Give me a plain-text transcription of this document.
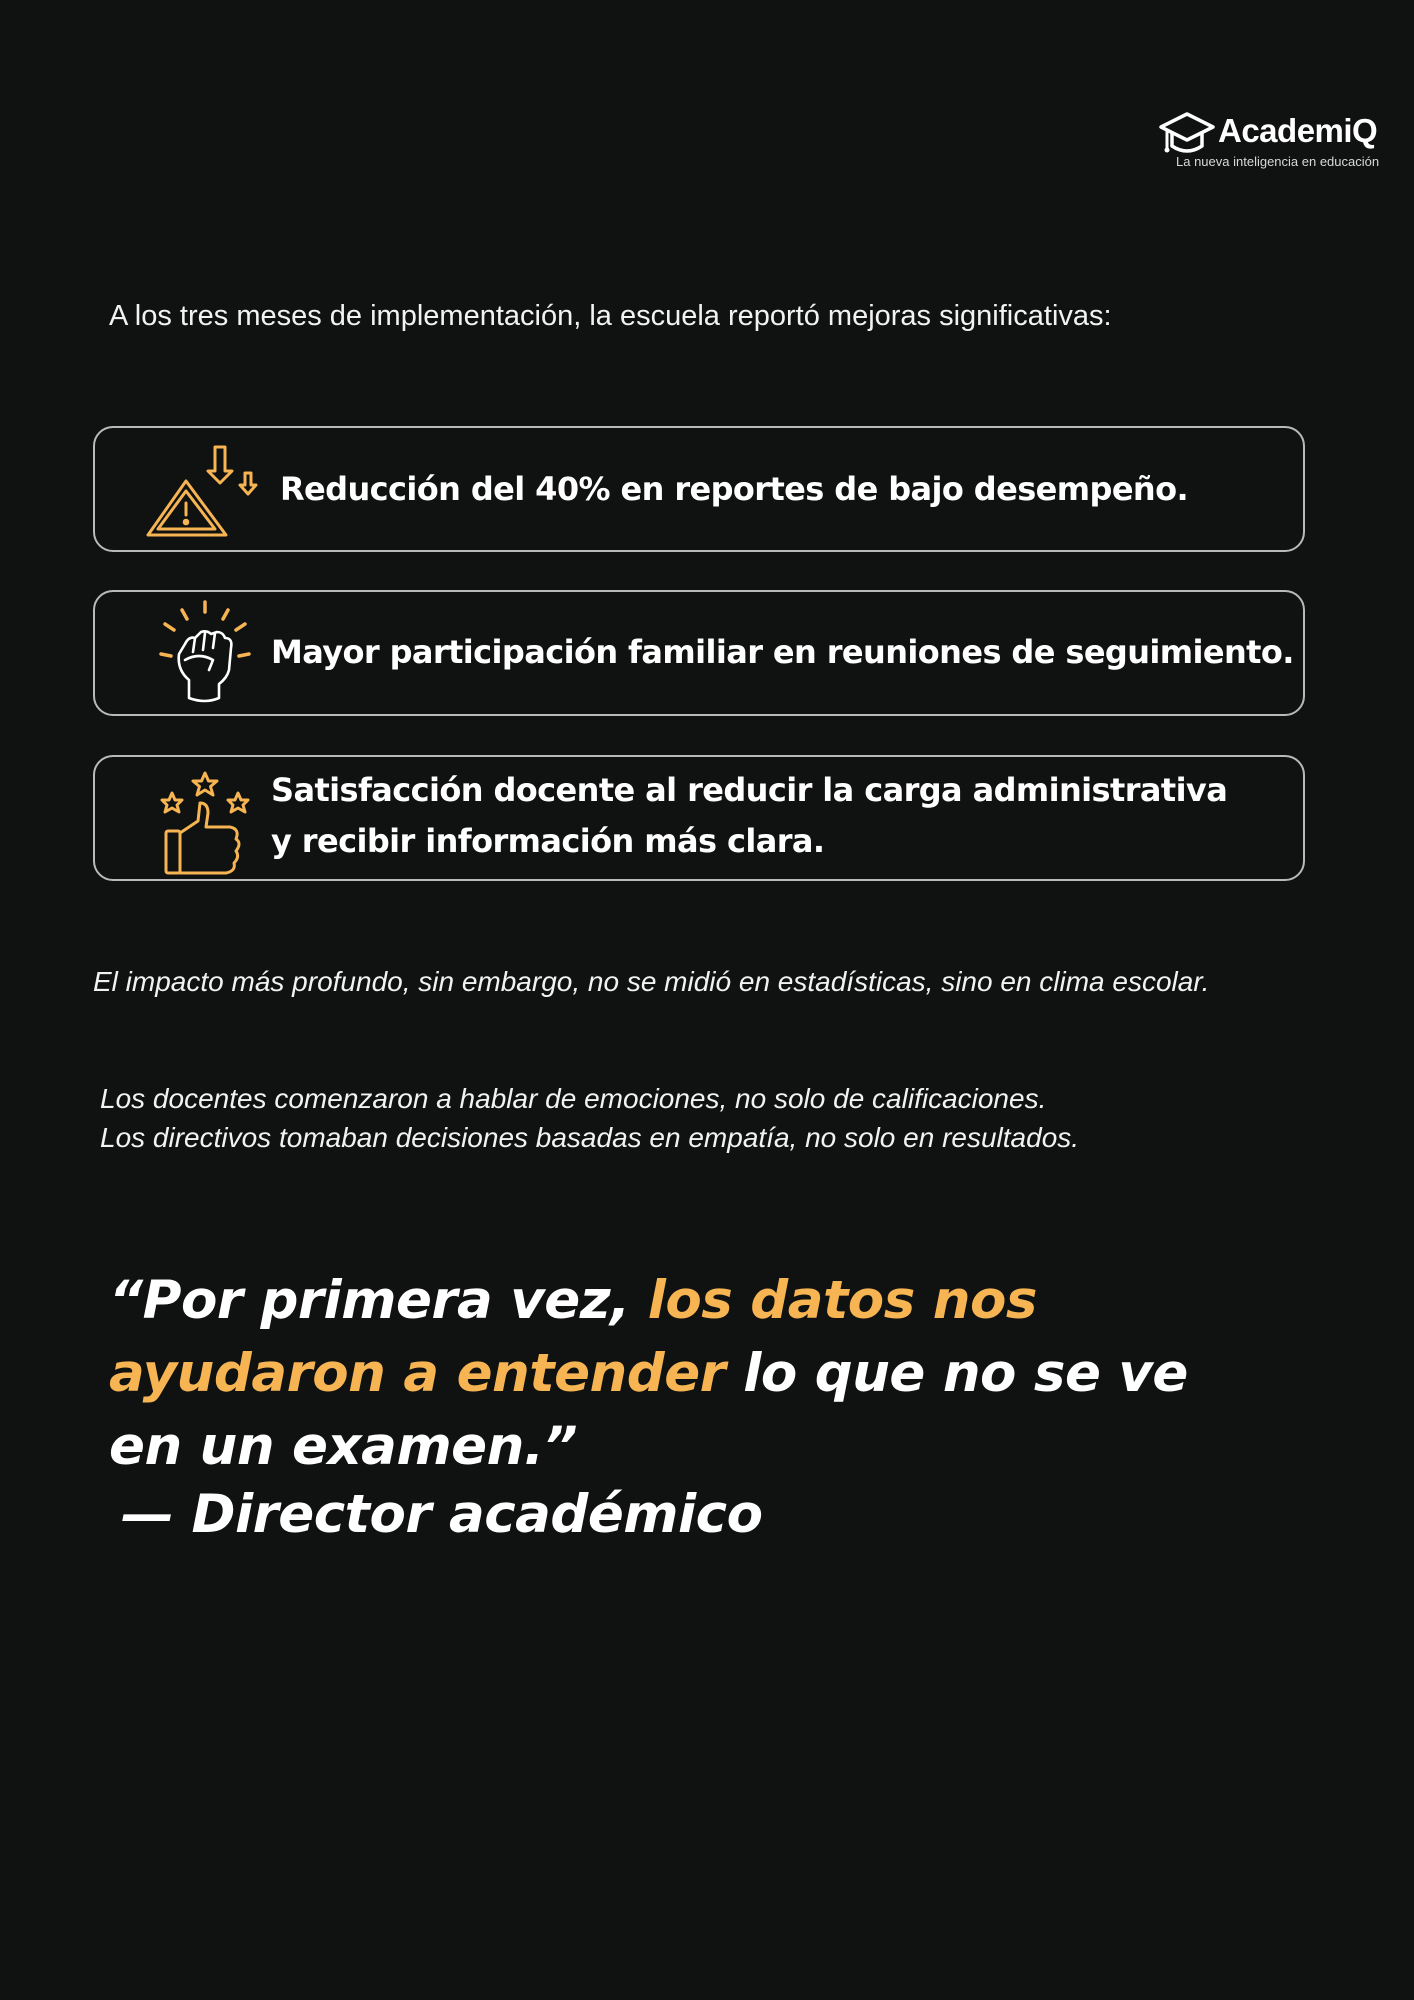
AcademiQ
La nueva inteligencia en educación
A los tres meses de implementación, la escuela reportó mejoras significativas:
Reducción del 40% en reportes de bajo desempeño.
Mayor participación familiar en reuniones de seguimiento.
Satisfacción docente al reducir la carga administrativa y recibir información más clara.
El impacto más profundo, sin embargo, no se midió en estadísticas, sino en clima escolar.
Los docentes comenzaron a hablar de emociones, no solo de calificaciones.
Los directivos tomaban decisiones basadas en empatía, no solo en resultados.
“Por primera vez, los datos nos ayudaron a entender lo que no se ve en un examen.”
— Director académico
